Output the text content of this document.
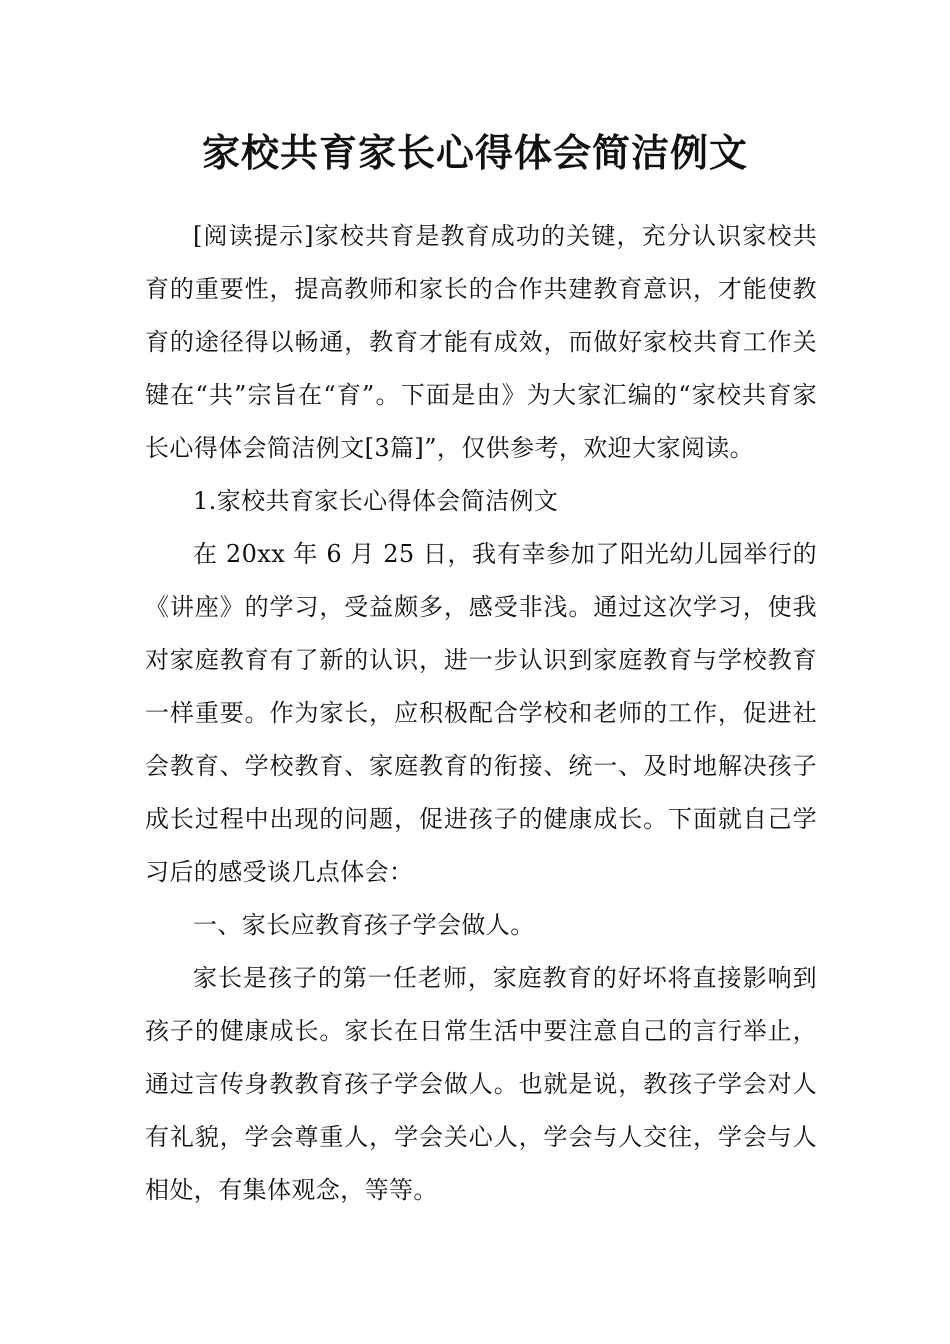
家校共育家长心得体会简洁例文

[阅读提示]家校共育是教育成功的关键，充分认识家校共育的重要性，提高教师和家长的合作共建教育意识，才能使教育的途径得以畅通，教育才能有成效，而做好家校共育工作关键在“共”宗旨在“育”。下面是由》为大家汇编的“家校共育家长心得体会简洁例文[3篇]”，仅供参考，欢迎大家阅读。

1.家校共育家长心得体会简洁例文

在 20xx 年 6 月 25 日，我有幸参加了阳光幼儿园举行的《讲座》的学习，受益颇多，感受非浅。通过这次学习，使我对家庭教育有了新的认识，进一步认识到家庭教育与学校教育一样重要。作为家长，应积极配合学校和老师的工作，促进社会教育、学校教育、家庭教育的衔接、统一、及时地解决孩子成长过程中出现的问题，促进孩子的健康成长。下面就自己学习后的感受谈几点体会：

一、家长应教育孩子学会做人。

家长是孩子的第一任老师，家庭教育的好坏将直接影响到孩子的健康成长。家长在日常生活中要注意自己的言行举止，通过言传身教教育孩子学会做人。也就是说，教孩子学会对人有礼貌，学会尊重人，学会关心人，学会与人交往，学会与人相处，有集体观念，等等。
